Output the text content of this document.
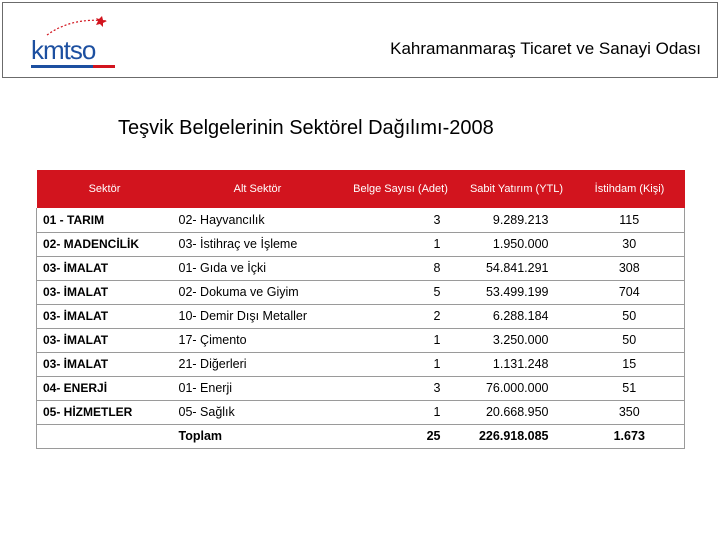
kmtso	Kahramanmaraş Ticaret ve Sanayi Odası
Teşvik Belgelerinin Sektörel Dağılımı-2008
Sektör	Alt Sektör	Belge Sayısı (Adet)	Sabit Yatırım (YTL)	İstihdam (Kişi)
01 - TARIM	02- Hayvancılık	3	9.289.213	115
02- MADENCİLİK	03- İstihraç ve İşleme	1	1.950.000	30
03- İMALAT	01- Gıda ve İçki	8	54.841.291	308
03- İMALAT	02- Dokuma ve Giyim	5	53.499.199	704
03- İMALAT	10- Demir Dışı Metaller	2	6.288.184	50
03- İMALAT	17- Çimento	1	3.250.000	50
03- İMALAT	21- Diğerleri	1	1.131.248	15
04- ENERJİ	01- Enerji	3	76.000.000	51
05- HİZMETLER	05- Sağlık	1	20.668.950	350
	Toplam	25	226.918.085	1.673
